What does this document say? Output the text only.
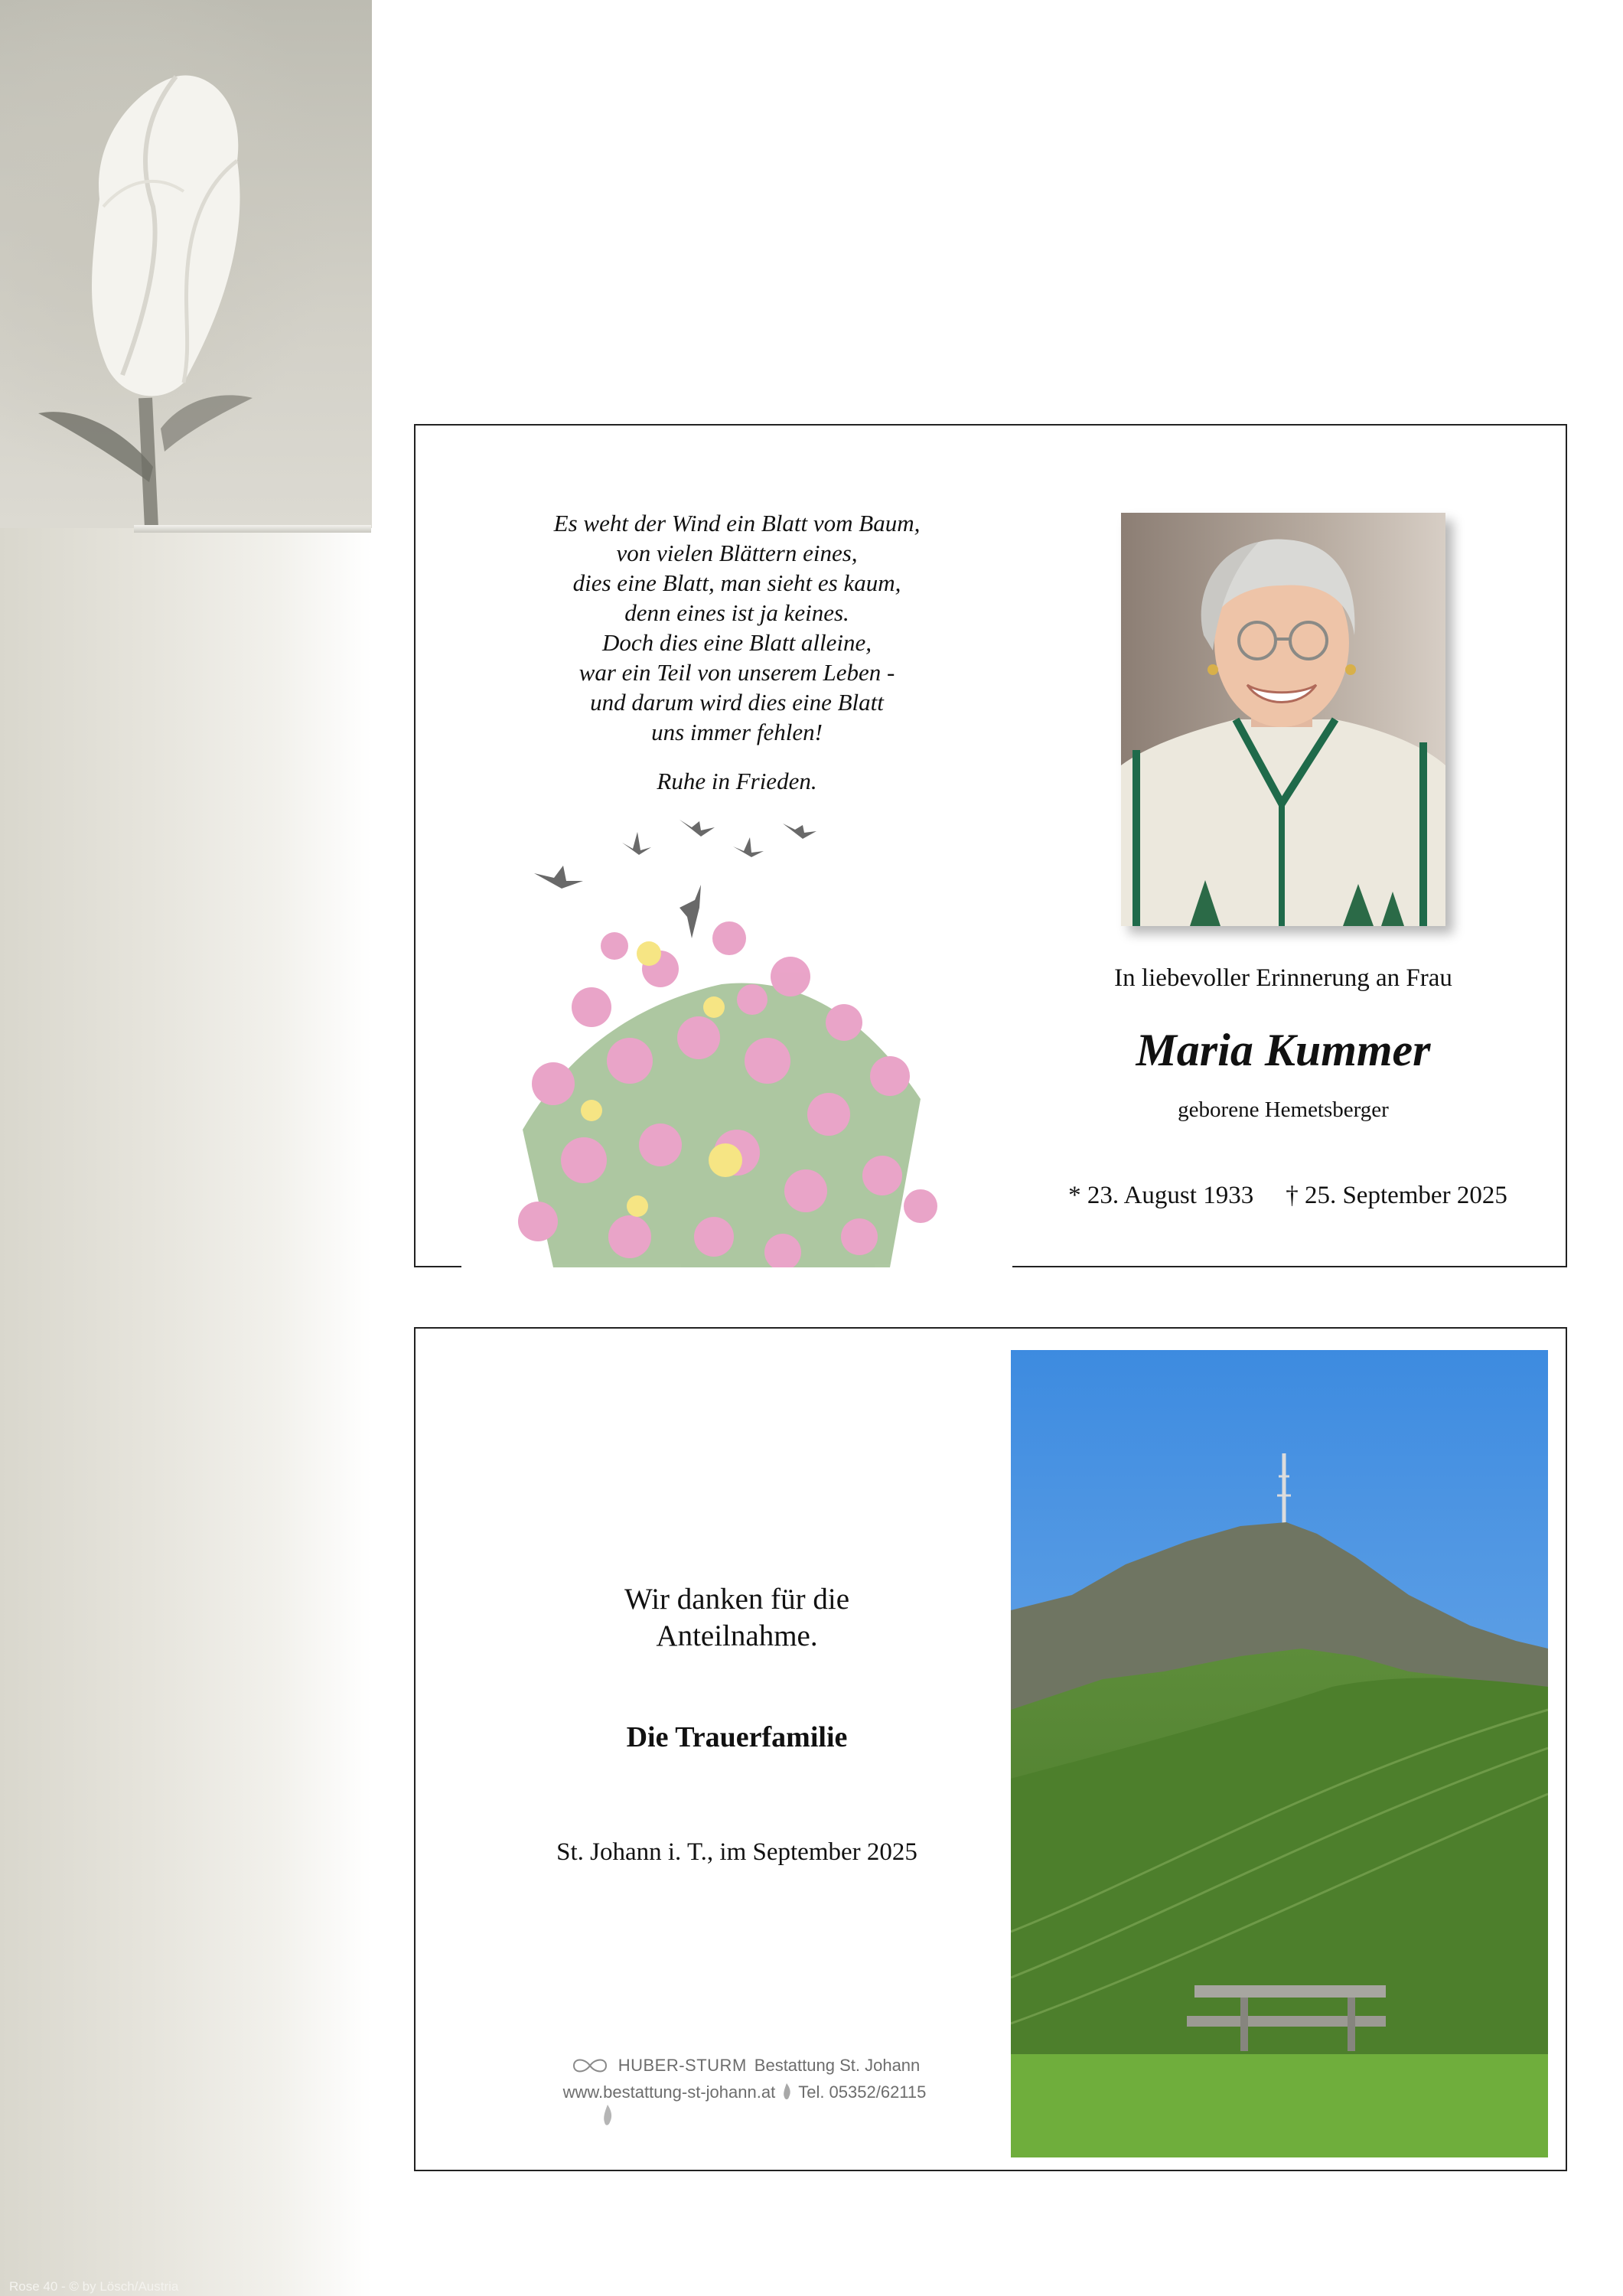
Rose 40 - © by Lösch/Austria
Es weht der Wind ein Blatt vom Baum,
von vielen Blättern eines,
dies eine Blatt, man sieht es kaum,
denn eines ist ja keines.
Doch dies eine Blatt alleine,
war ein Teil von unserem Leben -
und darum wird dies eine Blatt
uns immer fehlen!
Ruhe in Frieden.
In liebevoller Erinnerung an Frau
Maria Kummer
geborene Hemetsberger
* 23. August 1933 † 25. September 2025
Wir danken für die
Anteilnahme.
Die Trauerfamilie
St. Johann i. T., im September 2025
HUBER-STURM Bestattung St. Johann
www.bestattung-st-johann.at Tel. 05352/62115
